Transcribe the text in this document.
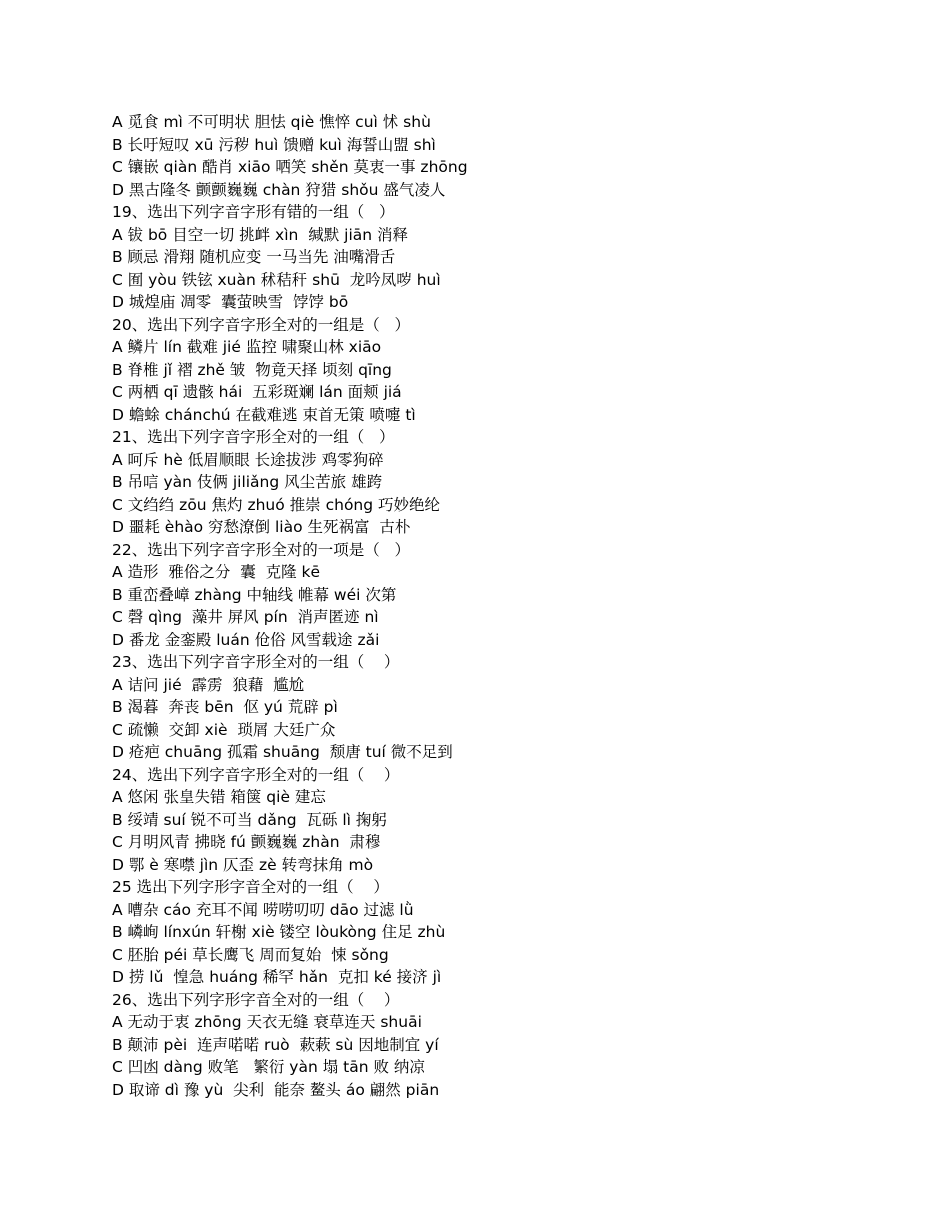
A 觅食 mì 不可明状 胆怯 qiè 憔悴 cuì 怵 shù
B 长吁短叹 xū 污秽 huì 馈赠 kuì 海誓山盟 shì
C 镶嵌 qiàn 酷肖 xiāo 哂笑 shěn 莫衷一事 zhōng
D 黑古隆冬 颤颤巍巍 chàn 狩猎 shǒu 盛气凌人
19、选出下列字音字形有错的一组（   ）
A 钹 bō 目空一切 挑衅 xìn  缄默 jiān 消释
B 顾忌 滑翔 随机应变 一马当先 油嘴滑舌
C 囿 yòu 铁铉 xuàn 秫秸秆 shū  龙吟凤哕 huì
D 城煌庙 凋零  囊萤映雪  饽饽 bō
20、选出下列字音字形全对的一组是（   ）
A 鳞片 lín 截难 jié 监控 啸聚山林 xiāo
B 脊椎 jǐ 褶 zhě 皱  物竟天择 顷刻 qīng
C 两栖 qī 遗骸 hái  五彩斑斓 lán 面颊 jiá
D 蟾蜍 chánchú 在截难逃 束首无策 喷嚏 tì
21、选出下列字音字形全对的一组（   ）
A 呵斥 hè 低眉顺眼 长途拔涉 鸡零狗碎
B 吊唁 yàn 伎俩 jiliǎng 风尘苦旅 雄跨
C 文绉绉 zōu 焦灼 zhuó 推崇 chóng 巧妙绝纶
D 噩耗 èhào 穷愁潦倒 liào 生死祸富  古朴
22、选出下列字音字形全对的一项是（   ）
A 造形  雅俗之分  囊  克隆 kē
B 重峦叠嶂 zhàng 中轴线 帷幕 wéi 次第
C 磬 qìng  藻井 屏风 pín  消声匿迹 nì
D 番龙 金銮殿 luán 伧俗 风雪载途 zǎi
23、选出下列字音字形全对的一组（    ）
A 诘问 jié  霹雳  狼藉  尴尬
B 渴暮  奔丧 bēn  伛 yú 荒辟 pì
C 疏懒  交卸 xiè  琐屑 大廷广众
D 疮疤 chuāng 孤霜 shuāng  颓唐 tuí 微不足到
24、选出下列字音字形全对的一组（    ）
A 悠闲 张皇失错 箱箧 qiè 建忘
B 绥靖 suí 锐不可当 dǎng  瓦砾 lì 掬躬
C 月明风青 拂晓 fú 颤巍巍 zhàn  肃穆
D 鄂 è 寒噤 jìn 仄歪 zè 转弯抹角 mò
25 选出下列字形字音全对的一组（    ）
A 嘈杂 cáo 充耳不闻 唠唠叨叨 dāo 过滤 lǜ
B 嶙峋 línxún 轩榭 xiè 镂空 lòukòng 住足 zhù
C 胚胎 péi 草长鹰飞 周而复始  悚 sǒng
D 捞 lǔ  惶急 huáng 稀罕 hǎn  克扣 ké 接济 jì
26、选出下列字形字音全对的一组（    ）
A 无动于衷 zhōng 天衣无缝 衰草连天 shuāi
B 颠沛 pèi  连声喏喏 ruò  蔌蔌 sù 因地制宜 yí
C 凹凼 dàng 败笔   繁衍 yàn 塌 tān 败 纳凉
D 取谛 dì 豫 yù  尖利  能奈 鳌头 áo 翩然 piān
